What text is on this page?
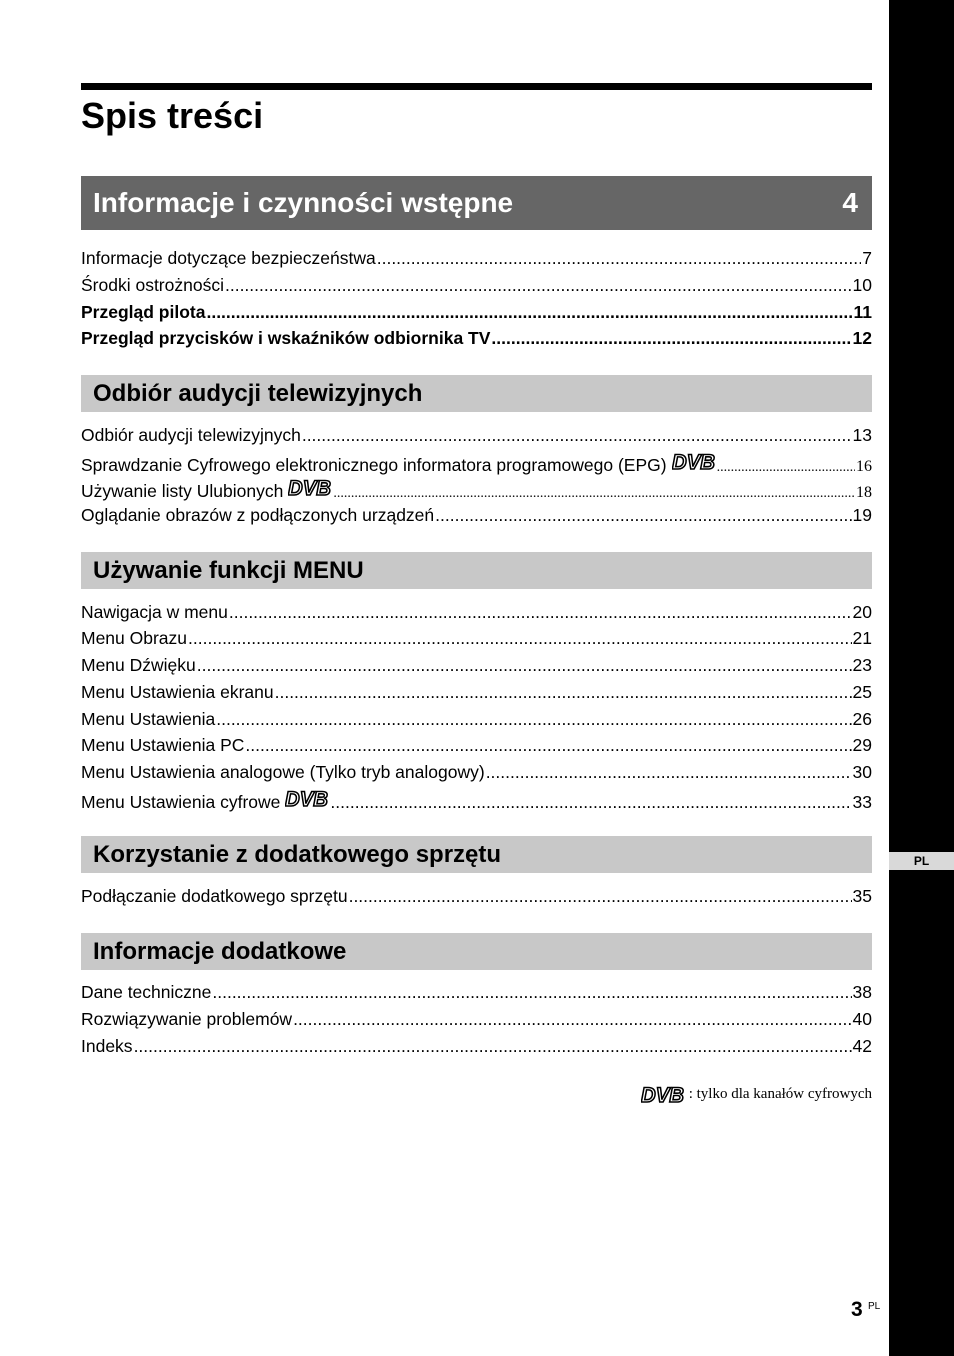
PL
Spis treści
Informacje i czynności wstępne	4
Informacje dotyczące bezpieczeństwa .....	7
Środki ostrożności .....	10
Przegląd pilota .....	11
Przegląd przycisków i wskaźników odbiornika TV .....	12
Odbiór audycji telewizyjnych
Odbiór audycji telewizyjnych .....	13
Sprawdzanie Cyfrowego elektronicznego informatora programowego (EPG) DVB .....	16
Używanie listy Ulubionych DVB .....	18
Oglądanie obrazów z podłączonych urządzeń .....	19
Używanie funkcji MENU
Nawigacja w menu .....	20
Menu Obrazu .....	21
Menu Dźwięku .....	23
Menu Ustawienia ekranu .....	25
Menu Ustawienia .....	26
Menu Ustawienia PC .....	29
Menu Ustawienia analogowe (Tylko tryb analogowy) .....	30
Menu Ustawienia cyfrowe DVB .....	33
Korzystanie z dodatkowego sprzętu
Podłączanie dodatkowego sprzętu .....	35
Informacje dodatkowe
Dane techniczne .....	38
Rozwiązywanie problemów .....	40
Indeks .....	42
DVB : tylko dla kanałów cyfrowych
3 PL
